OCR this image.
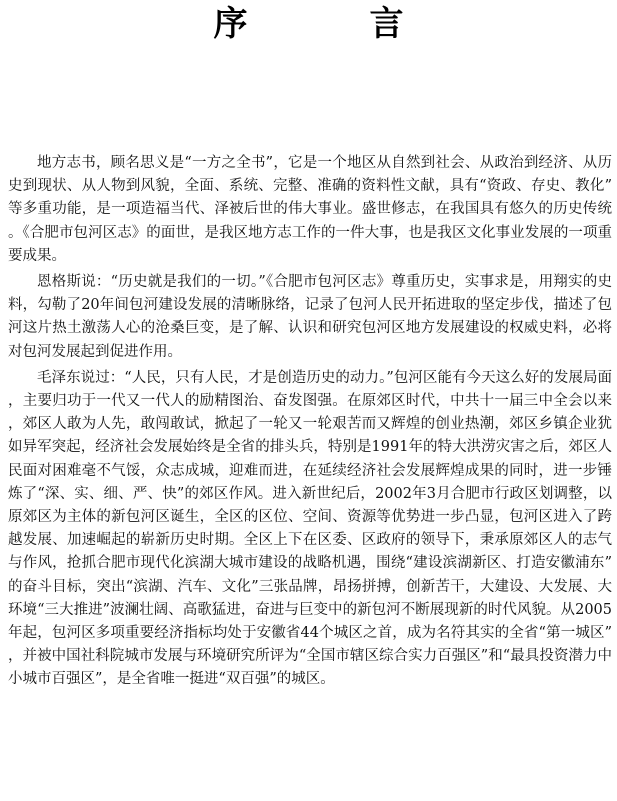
序　言

地方志书，顾名思义是“一方之全书”，它是一个地区从自然到社会、从政治到经济、从历史到现状、从人物到风貌，全面、系统、完整、准确的资料性文献，具有“资政、存史、教化”等多重功能，是一项造福当代、泽被后世的伟大事业。盛世修志，在我国具有悠久的历史传统。《合肥市包河区志》的面世，是我区地方志工作的一件大事，也是我区文化事业发展的一项重要成果。

恩格斯说：“历史就是我们的一切。”《合肥市包河区志》尊重历史，实事求是，用翔实的史料，勾勒了20年间包河建设发展的清晰脉络，记录了包河人民开拓进取的坚定步伐，描述了包河这片热土激荡人心的沧桑巨变，是了解、认识和研究包河区地方发展建设的权威史料，必将对包河发展起到促进作用。

毛泽东说过：“人民，只有人民，才是创造历史的动力。”包河区能有今天这么好的发展局面，主要归功于一代又一代人的励精图治、奋发图强。在原郊区时代，中共十一届三中全会以来，郊区人敢为人先，敢闯敢试，掀起了一轮又一轮艰苦而又辉煌的创业热潮，郊区乡镇企业犹如异军突起，经济社会发展始终是全省的排头兵，特别是1991年的特大洪涝灾害之后，郊区人民面对困难毫不气馁，众志成城，迎难而进，在延续经济社会发展辉煌成果的同时，进一步锤炼了“深、实、细、严、快”的郊区作风。进入新世纪后，2002年3月合肥市行政区划调整，以原郊区为主体的新包河区诞生，全区的区位、空间、资源等优势进一步凸显，包河区进入了跨越发展、加速崛起的崭新历史时期。全区上下在区委、区政府的领导下，秉承原郊区人的志气与作风，抢抓合肥市现代化滨湖大城市建设的战略机遇，围绕“建设滨湖新区、打造安徽浦东”的奋斗目标，突出“滨湖、汽车、文化”三张品牌，昂扬拼搏，创新苦干，大建设、大发展、大环境“三大推进”波澜壮阔、高歌猛进，奋进与巨变中的新包河不断展现新的时代风貌。从2005年起，包河区多项重要经济指标均处于安徽省44个城区之首，成为名符其实的全省“第一城区”，并被中国社科院城市发展与环境研究所评为“全国市辖区综合实力百强区”和“最具投资潜力中小城市百强区”，是全省唯一挺进“双百强”的城区。
